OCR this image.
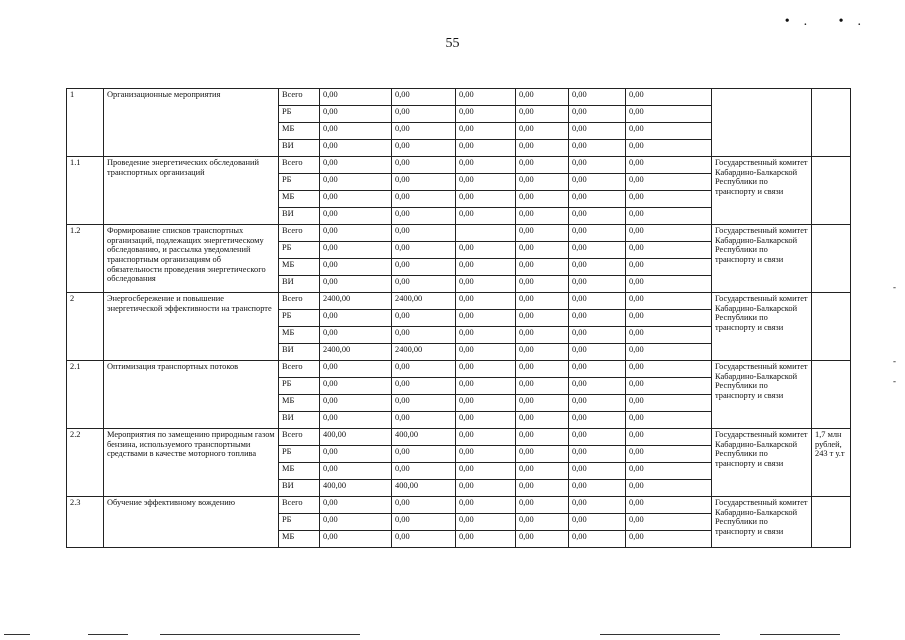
55
•. •.
1	Организационные мероприятия	Всего	0,00	0,00	0,00	0,00	0,00	0,00		
		РБ	0,00	0,00	0,00	0,00	0,00	0,00		
		МБ	0,00	0,00	0,00	0,00	0,00	0,00		
		ВИ	0,00	0,00	0,00	0,00	0,00	0,00		
1.1	Проведение энергетических обследований транспортных организаций	Всего	0,00	0,00	0,00	0,00	0,00	0,00	Государственный комитет Кабардино-Балкарской Республики по транспорту и связи	
		РБ	0,00	0,00	0,00	0,00	0,00	0,00		
		МБ	0,00	0,00	0,00	0,00	0,00	0,00		
		ВИ	0,00	0,00	0,00	0,00	0,00	0,00		
1.2	Формирование списков транспортных организаций, подлежащих энергетическому обследованию, и рассылка уведомлений транспортным организациям об обязательности проведения энергетического обследования	Всего	0,00	0,00		0,00	0,00	0,00	Государственный комитет Кабардино-Балкарской Республики по транспорту и связи	
		РБ	0,00	0,00	0,00	0,00	0,00	0,00		
		МБ	0,00	0,00	0,00	0,00	0,00	0,00		
		ВИ	0,00	0,00	0,00	0,00	0,00	0,00		
2	Энергосбережение и повышение энергетической эффективности на транспорте	Всего	2400,00	2400,00	0,00	0,00	0,00	0,00	Государственный комитет Кабардино-Балкарской Республики по транспорту и связи	
		РБ	0,00	0,00	0,00	0,00	0,00	0,00		
		МБ	0,00	0,00	0,00	0,00	0,00	0,00		
		ВИ	2400,00	2400,00	0,00	0,00	0,00	0,00		
2.1	Оптимизация транспортных потоков	Всего	0,00	0,00	0,00	0,00	0,00	0,00	Государственный комитет Кабардино-Балкарской Республики по транспорту и связи	
		РБ	0,00	0,00	0,00	0,00	0,00	0,00		
		МБ	0,00	0,00	0,00	0,00	0,00	0,00		
		ВИ	0,00	0,00	0,00	0,00	0,00	0,00		
2.2	Мероприятия по замещению природным газом бензина, используемого транспортными средствами в качестве моторного топлива	Всего	400,00	400,00	0,00	0,00	0,00	0,00	Государственный комитет Кабардино-Балкарской Республики по транспорту и связи	1,7 млн рублей, 243 т у.т
		РБ	0,00	0,00	0,00	0,00	0,00	0,00		
		МБ	0,00	0,00	0,00	0,00	0,00	0,00		
		ВИ	400,00	400,00	0,00	0,00	0,00	0,00		
2.3	Обучение эффективному вождению	Всего	0,00	0,00	0,00	0,00	0,00	0,00	Государственный комитет Кабардино-Балкарской Республики по транспорту и связи	
		РБ	0,00	0,00	0,00	0,00	0,00	0,00		
		МБ	0,00	0,00	0,00	0,00	0,00	0,00		
‐
‐
‐
